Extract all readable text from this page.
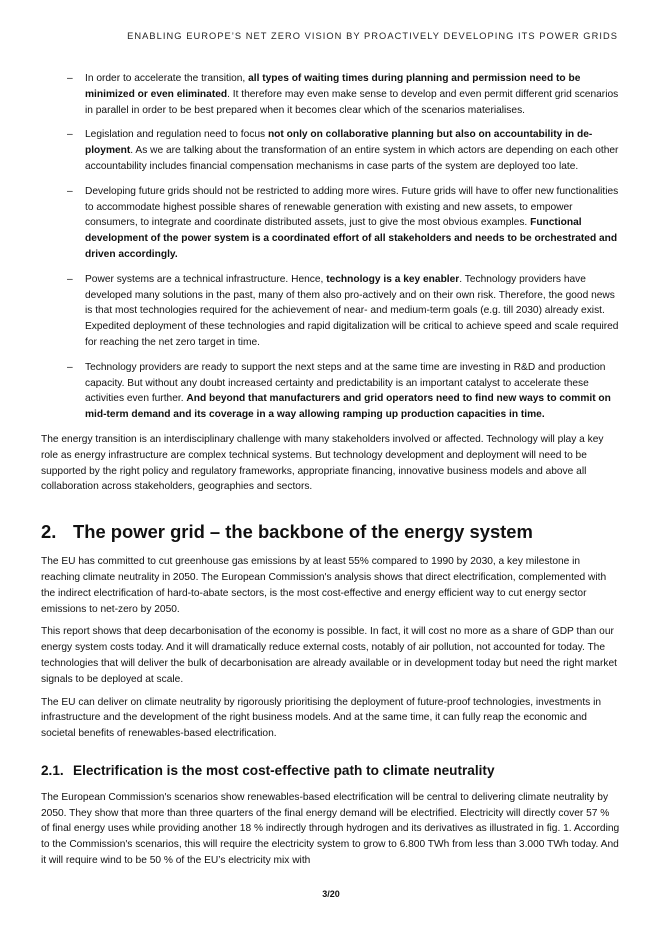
ENABLING EUROPE’S NET ZERO VISION BY PROACTIVELY DEVELOPING ITS POWER GRIDS
– In order to accelerate the transition, all types of waiting times during planning and permission need to be minimized or even eliminated. It therefore may even make sense to develop and even permit different grid scenarios in parallel in order to be best prepared when it becomes clear which of the scenarios materialises.

– Legislation and regulation need to focus not only on collaborative planning but also on accountability in deployment. As we are talking about the transformation of an entire system in which actors are depending on each other accountability includes financial compensation mechanisms in case parts of the system are deployed too late.

– Developing future grids should not be restricted to adding more wires. Future grids will have to offer new functionalities to accommodate highest possible shares of renewable generation with existing and new assets, to empower consumers, to integrate and coordinate distributed assets, just to give the most obvious examples. Functional development of the power system is a coordinated effort of all stakeholders and needs to be orchestrated and driven accordingly.

– Power systems are a technical infrastructure. Hence, technology is a key enabler. Technology providers have developed many solutions in the past, many of them also pro-actively and on their own risk. Therefore, the good news is that most technologies required for the achievement of near- and medium-term goals (e.g. till 2030) already exist. Expedited deployment of these technologies and rapid digitalization will be critical to achieve speed and scale required for reaching the net zero target in time.

– Technology providers are ready to support the next steps and at the same time are investing in R&D and production capacity. But without any doubt increased certainty and predictability is an important catalyst to accelerate these activities even further. And beyond that manufacturers and grid operators need to find new ways to commit on mid-term demand and its coverage in a way allowing ramping up production capacities in time.

The energy transition is an interdisciplinary challenge with many stakeholders involved or affected. Technology will play a key role as energy infrastructure are complex technical systems. But technology development and deployment will need to be supported by the right policy and regulatory frameworks, appropriate financing, innovative business models and above all collaboration across stakeholders, geographies and sectors.

2. The power grid – the backbone of the energy system

The EU has committed to cut greenhouse gas emissions by at least 55% compared to 1990 by 2030, a key milestone in reaching climate neutrality in 2050. The European Commission's analysis shows that direct electrification, complemented with the indirect electrification of hard-to-abate sectors, is the most cost-effective and energy efficient way to cut energy sector emissions to net-zero by 2050.

This report shows that deep decarbonisation of the economy is possible. In fact, it will cost no more as a share of GDP than our energy system costs today. And it will dramatically reduce external costs, notably of air pollution, not accounted for today. The technologies that will deliver the bulk of decarbonisation are already available or in development today but need the right market signals to be deployed at scale.

The EU can deliver on climate neutrality by rigorously prioritising the deployment of future-proof technologies, investments in infrastructure and the development of the right business models. And at the same time, it can fully reap the economic and societal benefits of renewables-based electrification.

2.1. Electrification is the most cost-effective path to climate neutrality

The European Commission's scenarios show renewables-based electrification will be central to delivering climate neutrality by 2050. They show that more than three quarters of the final energy demand will be electrified. Electricity will directly cover 57 % of final energy uses while providing another 18 % indirectly through hydrogen and its derivatives as illustrated in fig. 1. According to the Commission's scenarios, this will require the electricity system to grow to 6.800 TWh from less than 3.000 TWh today. And it will require wind to be 50 % of the EU’s electricity mix with

3/20
